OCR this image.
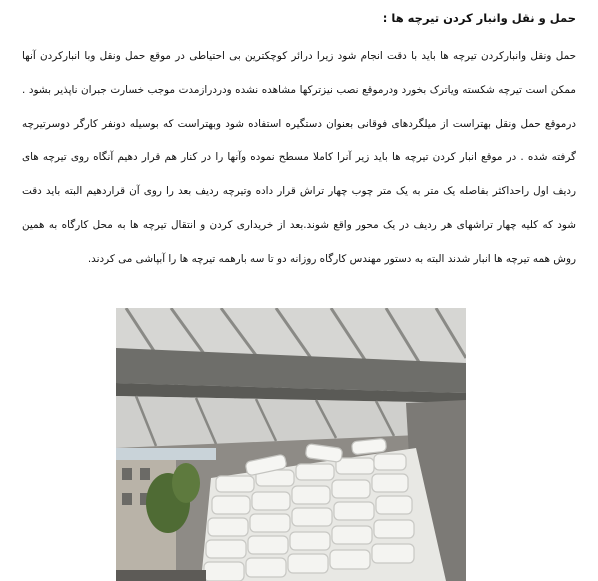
حمل و نقل وانبار کردن تیرچه ها :

حمل ونقل وانبارکردن تیرچه ها باید با دقت انجام شود زیرا درائر کوچکترین بی احتیاطی در موقع حمل ونقل وبا انبارکردن آنها ممکن است تیرچه شکسته ویاترک بخورد ودرموقع نصب نیزترکها مشاهده نشده ودردرازمدت موجب خسارت جبران ناپذیر بشود . درموقع حمل ونقل بهتراست از میلگردهای فوقانی بعنوان دستگیره استفاده شود وبهتراست که بوسیله دونفر کارگر دوسرتیرچه گرفته شده . در موقع انبار کردن تیرچه ها باید زیر آنرا کاملا مسطح نموده وآنها را در کنار هم قرار دهیم آنگاه روی تیرچه های ردیف اول راحداکثر بفاصله یک متر به یک متر چوب چهار تراش قرار داده وتیرچه ردیف بعد را روی آن قراردهیم البته باید دقت شود که کلیه چهار تراشهای هر ردیف در یک محور واقع شوند.بعد از خریداری کردن و انتقال تیرچه ها به محل کارگاه به همین روش همه تیرچه ها انبار شدند البته به دستور مهندس کارگاه روزانه دو تا سه بارهمه تیرچه ها را آبپاشی می کردند.
